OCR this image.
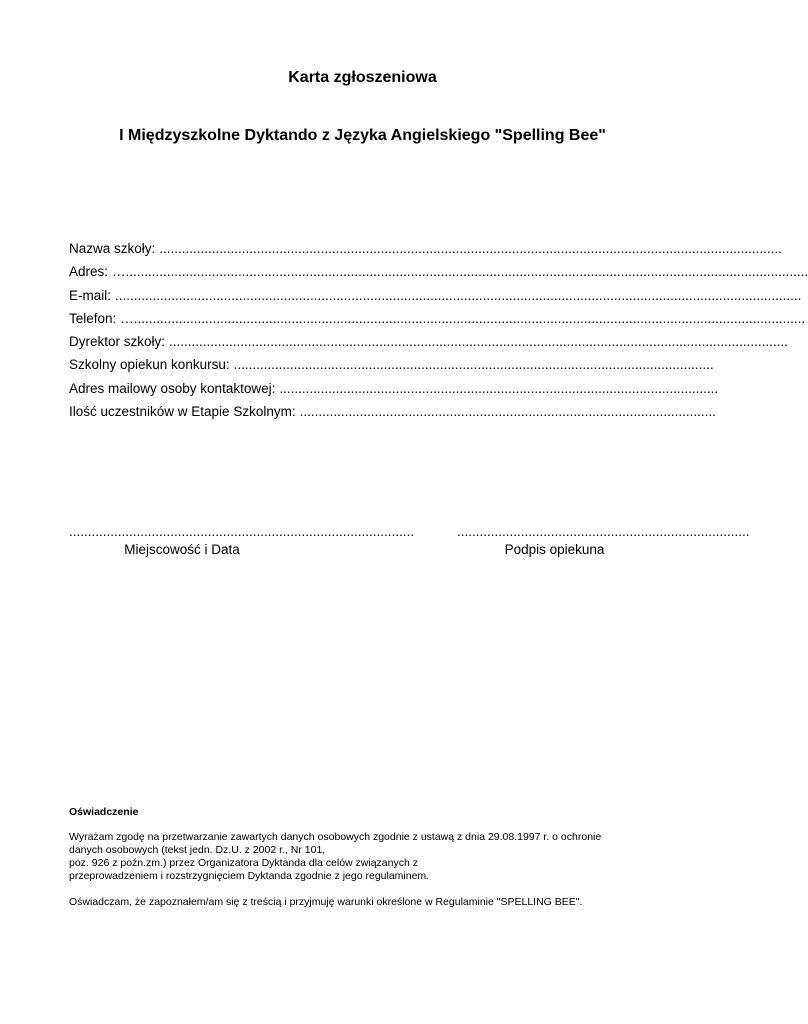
Karta zgłoszeniowa
I Międzyszkolne Dyktando z Języka Angielskiego "Spelling Bee"
Nazwa szkoły: ......................................................................................................................................................................
Adres: …......................................................................................................................................................................................
E-mail: .......................................................................................................................................................................................
Telefon: …...................................................................................................................................................................................
Dyrektor szkoły: .....................................................................................................................................................................
Szkolny opiekun konkursu: ................................................................................................................................
Adres mailowy osoby kontaktowej: .....................................................................................................................
Ilość uczestników w Etapie Szkolnym: ...............................................................................................................
............................................................................................
Miejscowość i Data
..............................................................................
Podpis opiekuna

Oświadczenie

Wyrażam zgodę na przetwarzanie zawartych danych osobowych zgodnie z ustawą z dnia 29.08.1997 r. o ochronie
danych osobowych (tekst jedn. Dz.U. z 2002 r., Nr 101,
poz. 926 z poźn.zm.) przez Organizatora Dyktanda dla celów związanych z
przeprowadzeniem i rozstrzygnięciem Dyktanda zgodnie z jego regulaminem.
Oświadczam, że zapoznałem/am się z treścią i przyjmuję warunki określone w Regulaminie "SPELLING BEE".
